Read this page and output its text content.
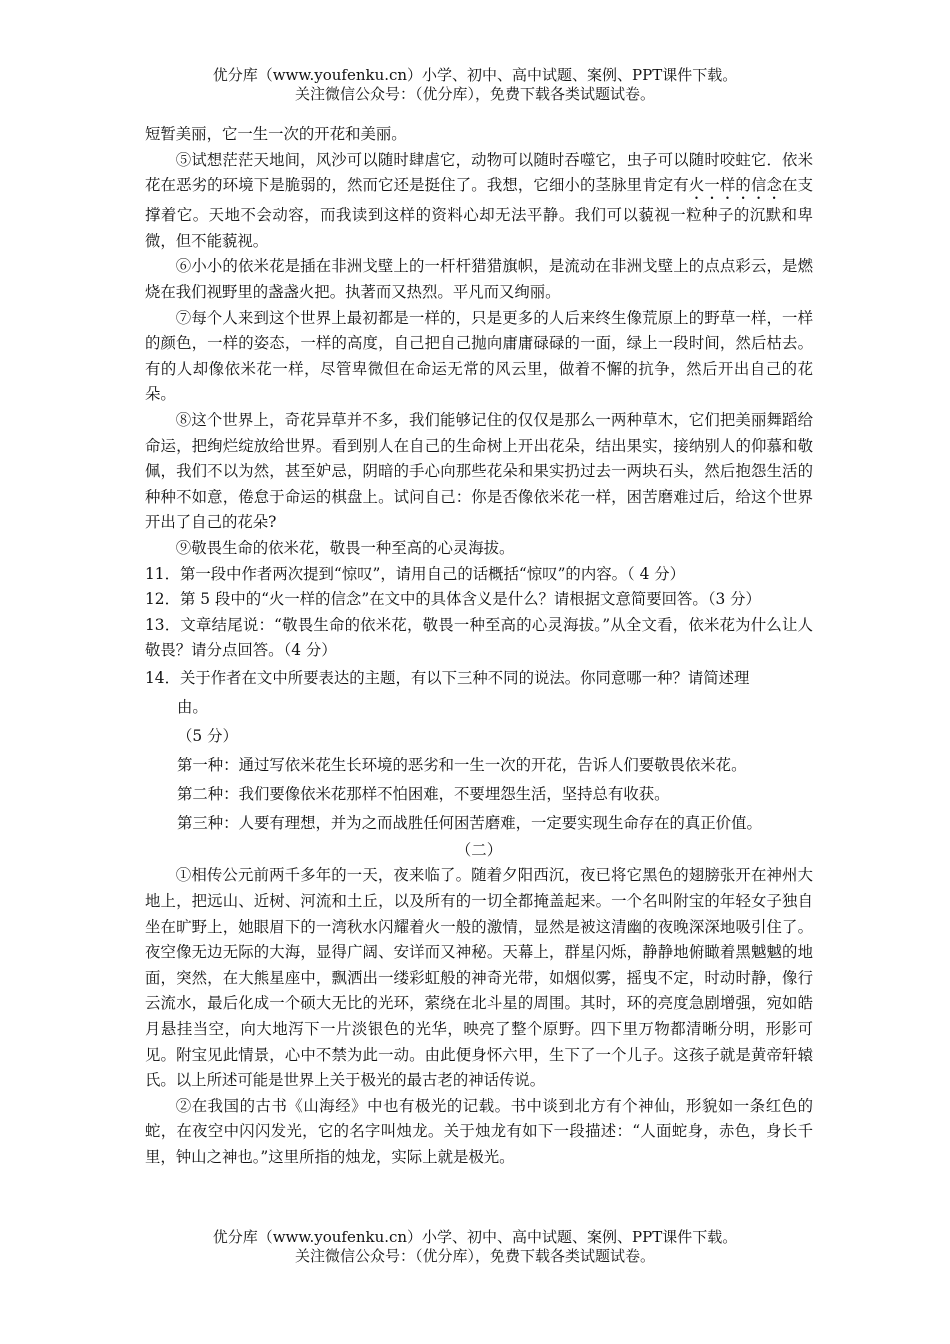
优分库（www.youfenku.cn）小学、初中、高中试题、案例、PPT课件下载。
关注微信公众号：（优分库），免费下载各类试题试卷。

短暂美丽，它一生一次的开花和美丽。

⑤试想茫茫天地间，风沙可以随时肆虐它，动物可以随时吞噬它，虫子可以随时咬蛀它．依米花在恶劣的环境下是脆弱的，然而它还是挺住了。我想，它细小的茎脉里肯定有火一样的信念在支撑着它。天地不会动容，而我读到这样的资料心却无法平静。我们可以藐视一粒种子的沉默和卑微，但不能藐视。

⑥小小的依米花是插在非洲戈壁上的一杆杆猎猎旗帜，是流动在非洲戈壁上的点点彩云，是燃烧在我们视野里的盏盏火把。执著而又热烈。平凡而又绚丽。

⑦每个人来到这个世界上最初都是一样的，只是更多的人后来终生像荒原上的野草一样，一样的颜色，一样的姿态，一样的高度，自己把自己抛向庸庸碌碌的一面，绿上一段时间，然后枯去。有的人却像依米花一样，尽管卑微但在命运无常的风云里，做着不懈的抗争，然后开出自己的花朵。

⑧这个世界上，奇花异草并不多，我们能够记住的仅仅是那么一两种草木，它们把美丽舞蹈给命运，把绚烂绽放给世界。看到别人在自己的生命树上开出花朵，结出果实，接纳别人的仰慕和敬佩，我们不以为然，甚至妒忌，阴暗的手心向那些花朵和果实扔过去一两块石头，然后抱怨生活的种种不如意，倦怠于命运的棋盘上。试问自己：你是否像依米花一样，困苦磨难过后，给这个世界开出了自己的花朵?

⑨敬畏生命的依米花，敬畏一种至高的心灵海拔。

11．第一段中作者两次提到“惊叹”，请用自己的话概括“惊叹”的内容。（ 4 分）

12．第 5 段中的“火一样的信念”在文中的具体含义是什么？请根据文意简要回答。（3 分）

13．文章结尾说：“敬畏生命的依米花，敬畏一种至高的心灵海拔。”从全文看，依米花为什么让人敬畏？请分点回答。（4 分）

14．关于作者在文中所要表达的主题，有以下三种不同的说法。你同意哪一种？请简述理

由。

（5 分）

第一种：通过写依米花生长环境的恶劣和一生一次的开花，告诉人们要敬畏依米花。

第二种：我们要像依米花那样不怕困难，不要埋怨生活，坚持总有收获。

第三种：人要有理想，并为之而战胜任何困苦磨难，一定要实现生命存在的真正价值。

（二）

①相传公元前两千多年的一天，夜来临了。随着夕阳西沉，夜已将它黑色的翅膀张开在神州大地上，把远山、近树、河流和土丘，以及所有的一切全都掩盖起来。一个名叫附宝的年轻女子独自坐在旷野上，她眼眉下的一湾秋水闪耀着火一般的激情，显然是被这清幽的夜晚深深地吸引住了。夜空像无边无际的大海，显得广阔、安详而又神秘。天幕上，群星闪烁，静静地俯瞰着黑魆魆的地面，突然，在大熊星座中，飘洒出一缕彩虹般的神奇光带，如烟似雾，摇曳不定，时动时静，像行云流水，最后化成一个硕大无比的光环，萦绕在北斗星的周围。其时，环的亮度急剧增强，宛如皓月悬挂当空，向大地泻下一片淡银色的光华，映亮了整个原野。四下里万物都清晰分明，形影可见。附宝见此情景，心中不禁为此一动。由此便身怀六甲，生下了一个儿子。这孩子就是黄帝轩辕氏。以上所述可能是世界上关于极光的最古老的神话传说。

②在我国的古书《山海经》中也有极光的记载。书中谈到北方有个神仙，形貌如一条红色的蛇，在夜空中闪闪发光，它的名字叫烛龙。关于烛龙有如下一段描述：“人面蛇身，赤色，身长千里，钟山之神也。”这里所指的烛龙，实际上就是极光。

优分库（www.youfenku.cn）小学、初中、高中试题、案例、PPT课件下载。
关注微信公众号：（优分库），免费下载各类试题试卷。
